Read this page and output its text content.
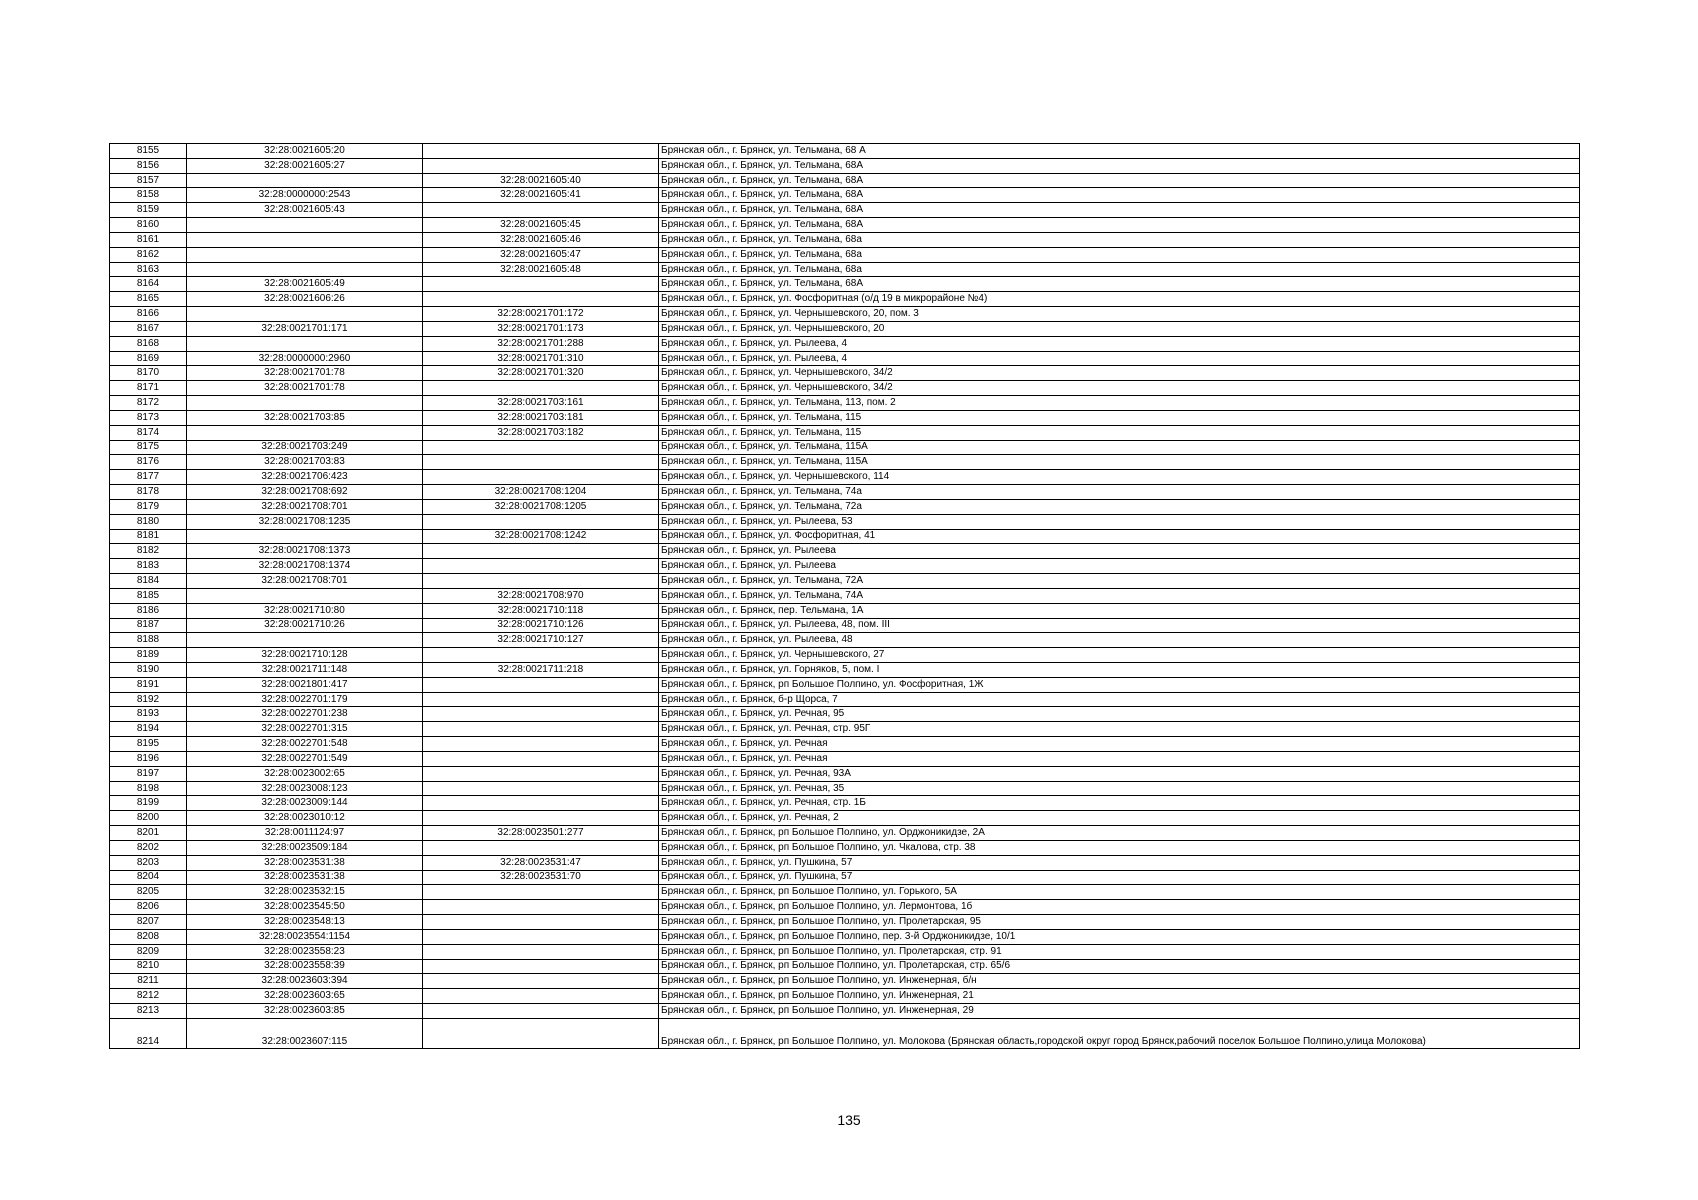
8155	32:28:0021605:20		Брянская обл., г. Брянск, ул. Тельмана, 68 А
8156	32:28:0021605:27		Брянская обл., г. Брянск, ул. Тельмана, 68А
8157		32:28:0021605:40	Брянская обл., г. Брянск, ул. Тельмана, 68А
8158	32:28:0000000:2543	32:28:0021605:41	Брянская обл., г. Брянск, ул. Тельмана, 68А
8159	32:28:0021605:43		Брянская обл., г. Брянск, ул. Тельмана, 68А
8160		32:28:0021605:45	Брянская обл., г. Брянск, ул. Тельмана, 68А
8161		32:28:0021605:46	Брянская обл., г. Брянск, ул. Тельмана, 68а
8162		32:28:0021605:47	Брянская обл., г. Брянск, ул. Тельмана, 68а
8163		32:28:0021605:48	Брянская обл., г. Брянск, ул. Тельмана, 68а
8164	32:28:0021605:49		Брянская обл., г. Брянск, ул. Тельмана, 68А
8165	32:28:0021606:26		Брянская обл., г. Брянск, ул. Фосфоритная (о/д 19 в микрорайоне №4)
8166		32:28:0021701:172	Брянская обл., г. Брянск, ул. Чернышевского, 20, пом. 3
8167	32:28:0021701:171	32:28:0021701:173	Брянская обл., г. Брянск, ул. Чернышевского, 20
8168		32:28:0021701:288	Брянская обл., г. Брянск, ул. Рылеева, 4
8169	32:28:0000000:2960	32:28:0021701:310	Брянская обл., г. Брянск, ул. Рылеева, 4
8170	32:28:0021701:78	32:28:0021701:320	Брянская обл., г. Брянск, ул. Чернышевского, 34/2
8171	32:28:0021701:78		Брянская обл., г. Брянск, ул. Чернышевского, 34/2
8172		32:28:0021703:161	Брянская обл., г. Брянск, ул. Тельмана, 113, пом. 2
8173	32:28:0021703:85	32:28:0021703:181	Брянская обл., г. Брянск, ул. Тельмана, 115
8174		32:28:0021703:182	Брянская обл., г. Брянск, ул. Тельмана, 115
8175	32:28:0021703:249		Брянская обл., г. Брянск, ул. Тельмана, 115А
8176	32:28:0021703:83		Брянская обл., г. Брянск, ул. Тельмана, 115А
8177	32:28:0021706:423		Брянская обл., г. Брянск, ул. Чернышевского, 114
8178	32:28:0021708:692	32:28:0021708:1204	Брянская обл., г. Брянск, ул. Тельмана, 74а
8179	32:28:0021708:701	32:28:0021708:1205	Брянская обл., г. Брянск, ул. Тельмана, 72а
8180	32:28:0021708:1235		Брянская обл., г. Брянск, ул. Рылеева, 53
8181		32:28:0021708:1242	Брянская обл., г. Брянск, ул. Фосфоритная, 41
8182	32:28:0021708:1373		Брянская обл., г. Брянск, ул. Рылеева
8183	32:28:0021708:1374		Брянская обл., г. Брянск, ул. Рылеева
8184	32:28:0021708:701		Брянская обл., г. Брянск, ул. Тельмана, 72А
8185		32:28:0021708:970	Брянская обл., г. Брянск, ул. Тельмана, 74А
8186	32:28:0021710:80	32:28:0021710:118	Брянская обл., г. Брянск, пер. Тельмана, 1А
8187	32:28:0021710:26	32:28:0021710:126	Брянская обл., г. Брянск, ул. Рылеева, 48, пом. III
8188		32:28:0021710:127	Брянская обл., г. Брянск, ул. Рылеева, 48
8189	32:28:0021710:128		Брянская обл., г. Брянск, ул. Чернышевского, 27
8190	32:28:0021711:148	32:28:0021711:218	Брянская обл., г. Брянск, ул. Горняков, 5, пом. I
8191	32:28:0021801:417		Брянская обл., г. Брянск, рп Большое Полпино, ул. Фосфоритная, 1Ж
8192	32:28:0022701:179		Брянская обл., г. Брянск, б-р Щорса, 7
8193	32:28:0022701:238		Брянская обл., г. Брянск, ул. Речная, 95
8194	32:28:0022701:315		Брянская обл., г. Брянск, ул. Речная, стр. 95Г
8195	32:28:0022701:548		Брянская обл., г. Брянск, ул. Речная
8196	32:28:0022701:549		Брянская обл., г. Брянск, ул. Речная
8197	32:28:0023002:65		Брянская обл., г. Брянск, ул. Речная, 93А
8198	32:28:0023008:123		Брянская обл., г. Брянск, ул. Речная, 35
8199	32:28:0023009:144		Брянская обл., г. Брянск, ул. Речная, стр. 1Б
8200	32:28:0023010:12		Брянская обл., г. Брянск, ул. Речная, 2
8201	32:28:0011124:97	32:28:0023501:277	Брянская обл., г. Брянск, рп Большое Полпино, ул. Орджоникидзе, 2А
8202	32:28:0023509:184		Брянская обл., г. Брянск, рп Большое Полпино, ул. Чкалова, стр. 38
8203	32:28:0023531:38	32:28:0023531:47	Брянская обл., г. Брянск, ул. Пушкина, 57
8204	32:28:0023531:38	32:28:0023531:70	Брянская обл., г. Брянск, ул. Пушкина, 57
8205	32:28:0023532:15		Брянская обл., г. Брянск, рп Большое Полпино, ул. Горького, 5А
8206	32:28:0023545:50		Брянская обл., г. Брянск, рп Большое Полпино, ул. Лермонтова, 1б
8207	32:28:0023548:13		Брянская обл., г. Брянск, рп Большое Полпино, ул. Пролетарская, 95
8208	32:28:0023554:1154		Брянская обл., г. Брянск, рп Большое Полпино, пер. 3-й Орджоникидзе, 10/1
8209	32:28:0023558:23		Брянская обл., г. Брянск, рп Большое Полпино, ул. Пролетарская, стр. 91
8210	32:28:0023558:39		Брянская обл., г. Брянск, рп Большое Полпино, ул. Пролетарская, стр. 65/6
8211	32:28:0023603:394		Брянская обл., г. Брянск, рп Большое Полпино, ул. Инженерная, б/н
8212	32:28:0023603:65		Брянская обл., г. Брянск, рп Большое Полпино, ул. Инженерная, 21
8213	32:28:0023603:85		Брянская обл., г. Брянск, рп Большое Полпино, ул. Инженерная, 29
8214	32:28:0023607:115		Брянская обл., г. Брянск, рп Большое Полпино, ул. Молокова (Брянская область,городской округ город Брянск,рабочий поселок Большое Полпино,улица Молокова)
135
